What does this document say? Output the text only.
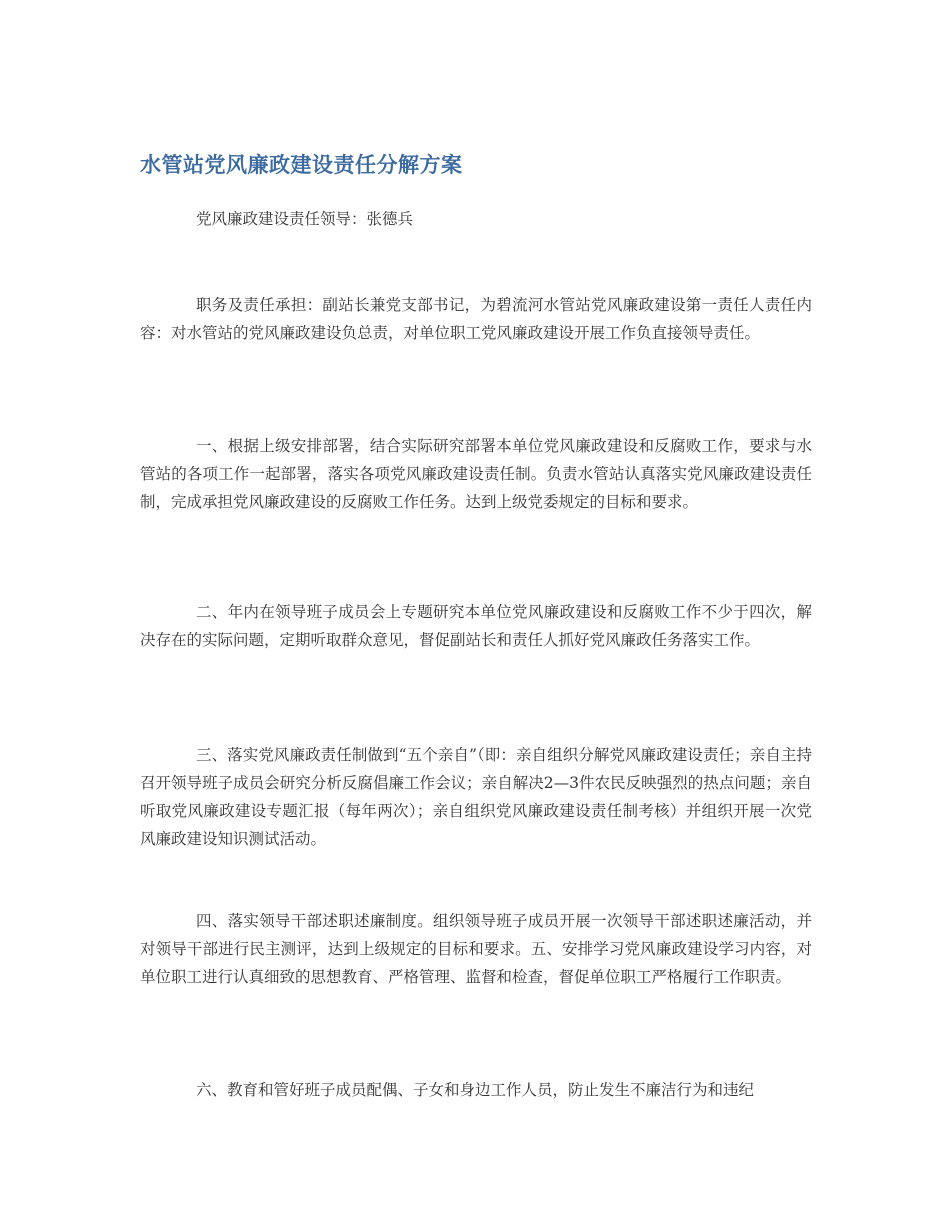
水管站党风廉政建设责任分解方案

党风廉政建设责任领导：张德兵

职务及责任承担：副站长兼党支部书记，为碧流河水管站党风廉政建设第一责任人责任内容：对水管站的党风廉政建设负总责，对单位职工党风廉政建设开展工作负直接领导责任。

一、根据上级安排部署，结合实际研究部署本单位党风廉政建设和反腐败工作，要求与水管站的各项工作一起部署，落实各项党风廉政建设责任制。负责水管站认真落实党风廉政建设责任制，完成承担党风廉政建设的反腐败工作任务。达到上级党委规定的目标和要求。

二、年内在领导班子成员会上专题研究本单位党风廉政建设和反腐败工作不少于四次，解决存在的实际问题，定期听取群众意见，督促副站长和责任人抓好党风廉政任务落实工作。

三、落实党风廉政责任制做到“五个亲自”（即：亲自组织分解党风廉政建设责任；亲自主持召开领导班子成员会研究分析反腐倡廉工作会议；亲自解决2—3件农民反映强烈的热点问题；亲自听取党风廉政建设专题汇报（每年两次）；亲自组织党风廉政建设责任制考核）并组织开展一次党风廉政建设知识测试活动。

四、落实领导干部述职述廉制度。组织领导班子成员开展一次领导干部述职述廉活动，并对领导干部进行民主测评，达到上级规定的目标和要求。五、安排学习党风廉政建设学习内容，对单位职工进行认真细致的思想教育、严格管理、监督和检查，督促单位职工严格履行工作职责。

六、教育和管好班子成员配偶、子女和身边工作人员，防止发生不廉洁行为和违纪
